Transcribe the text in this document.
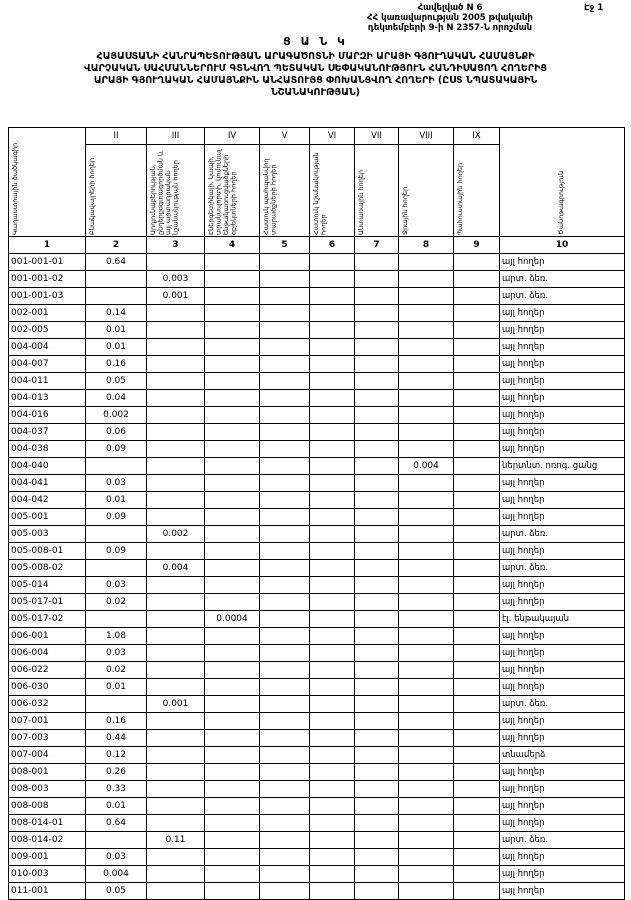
Էջ 1
Հավելված N 6
ՀՀ կառավարության 2005 թվականի
դեկտեմբերի 9-ի N 2357-Ն որոշման
Ց Ա Ն Կ
ՀԱՅԱՍՏԱՆԻ ՀԱՆՐԱՊԵՏՈՒԹՅԱՆ ԱՐԱԳԱԾՈՏՆԻ ՄԱՐԶԻ ԱՐԱՅԻ ԳՅՈՒՂԱԿԱՆ ՀԱՄԱՅՆՔԻ
ՎԱՐՉԱԿԱՆ ՍԱՀՄԱՆՆԵՐՈՒՄ ԳՏՆՎՈՂ ՊԵՏԱԿԱՆ ՍԵՓԱԿԱՆՈՒԹՅՈՒՆ ՀԱՆԴԻՍԱՑՈՂ ՀՈՂԵՐԻՑ
ԱՐԱՅԻ ԳՅՈՒՂԱԿԱՆ ՀԱՄԱՅՆՔԻՆ ԱՆՀԱՏՈՒՅՑ ՓՈԽԱՆՑՎՈՂ ՀՈՂԵՐԻ (ԸՍՏ ՆՊԱՏԱԿԱՅԻՆ
ՆՇԱՆԱԿՈՒԹՅԱՆ)
Կադաստրային ծածկագիր	II	III	IV	V	VI	VII	VIII	IX	Ծանոթագրություն

	Բնակավայրերի հողեր	Արդյունաբերության, ընդերքօգտագործման և այլ արտադրական նշանակության հողեր	Էներգետիկայի, կապի, տրանսպորտի, կոմունալ ենթակառուցվածքների օբյեկտների հողեր	Հատուկ պահպանվող տարածքների հողեր	Հատուկ նշանակության հողեր	Անտառային հողեր	Ջրային հողեր	Պահուստային հողեր	

1	2	3	4	5	6	7	8	9	10
001-001-01	0.64								այլ հողեր
001-001-02		0.003							արտ. ձեռ.
001-001-03		0.001							արտ. ձեռ.
002-001	0.14								այլ հողեր
002-005	0.01								այլ հողեր
004-004	0.01								այլ հողեր
004-007	0.16								այլ հողեր
004-011	0.05								այլ հողեր
004-013	0.04								այլ հողեր
004-016	0.002								այլ հողեր
004-037	0.06								այլ հողեր
004-038	0.09								այլ հողեր
004-040							0.004		ներտնտ. ոռոգ. ցանց
004-041	0.03								այլ հողեր
004-042	0.01								այլ հողեր
005-001	0.09								այլ հողեր
005-003		0.002							արտ. ձեռ.
005-008-01	0.09								այլ հողեր
005-008-02		0.004							արտ. ձեռ.
005-014	0.03								այլ հողեր
005-017-01	0.02								այլ հողեր
005-017-02			0.0004						էլ. ենթակայան
006-001	1.08								այլ հողեր
006-004	0.03								այլ հողեր
006-022	0.02								այլ հողեր
006-030	0.01								այլ հողեր
006-032		0.001							արտ. ձեռ.
007-001	0.16								այլ հողեր
007-003	0.44								այլ հողեր
007-004	0.12								տնամերձ
008-001	0.26								այլ հողեր
008-003	0.33								այլ հողեր
008-008	0.01								այլ հողեր
008-014-01	0.64								այլ հողեր
008-014-02		0.11							արտ. ձեռ.
009-001	0.03								այլ հողեր
010-003	0.004								այլ հողեր
011-001	0.05								այլ հողեր
